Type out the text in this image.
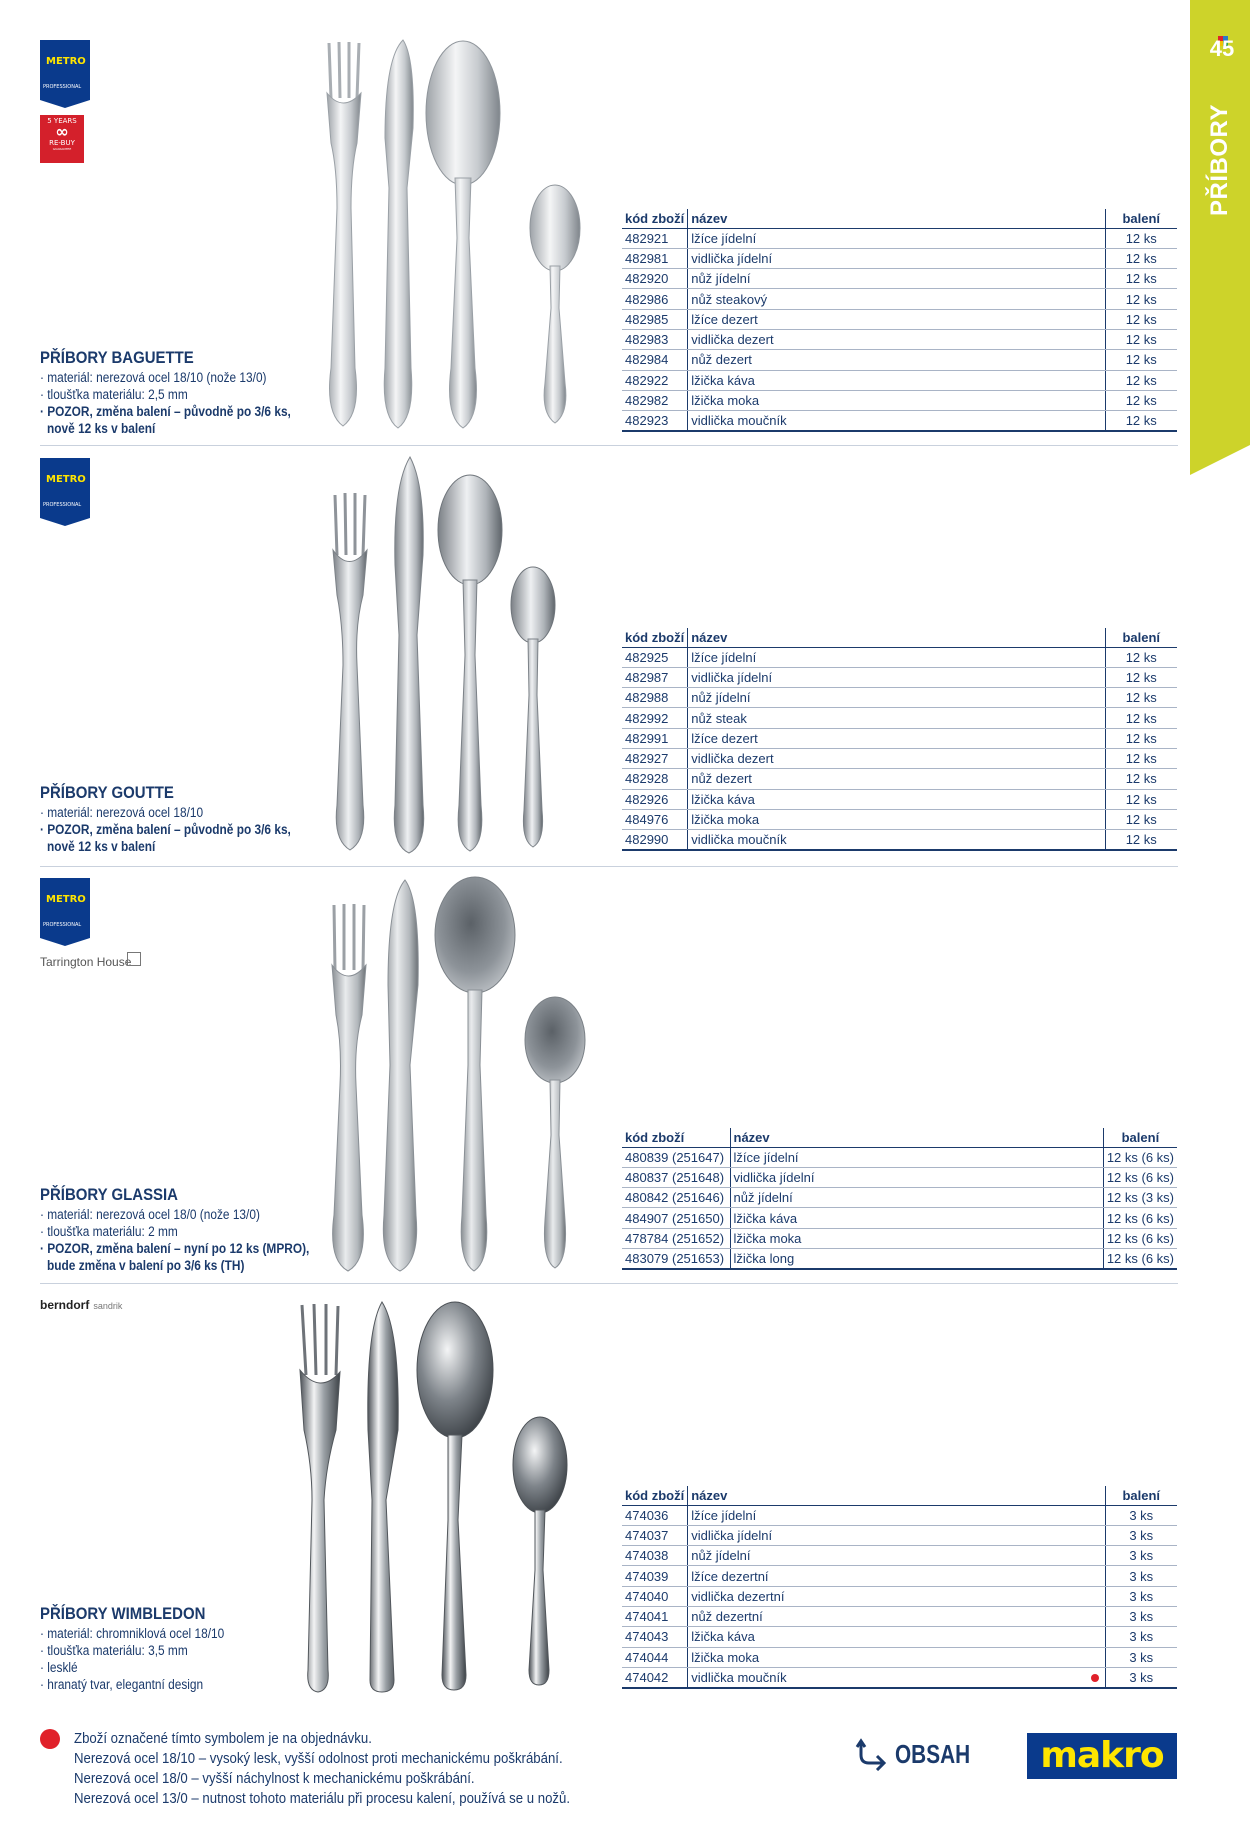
45
PŘÍBORY
METRO
PROFESSIONAL
5 YEARS
∞
RE-BUY
GUARANTEE
PŘÍBORY BAGUETTE
· materiál: nerezová ocel 18/10 (nože 13/0)
· tloušťka materiálu: 2,5 mm
· POZOR, změna balení – původně po 3/6 ks,
nově 12 ks v balení
kód zboží	název	balení
482921	lžíce jídelní	12 ks
482981	vidlička jídelní	12 ks
482920	nůž jídelní	12 ks
482986	nůž steakový	12 ks
482985	lžíce dezert	12 ks
482983	vidlička dezert	12 ks
482984	nůž dezert	12 ks
482922	lžička káva	12 ks
482982	lžička moka	12 ks
482923	vidlička moučník	12 ks
METRO
PROFESSIONAL
PŘÍBORY GOUTTE
· materiál: nerezová ocel 18/10
· POZOR, změna balení – původně po 3/6 ks,
nově 12 ks v balení
kód zboží	název	balení
482925	lžíce jídelní	12 ks
482987	vidlička jídelní	12 ks
482988	nůž jídelní	12 ks
482992	nůž steak	12 ks
482991	lžíce dezert	12 ks
482927	vidlička dezert	12 ks
482928	nůž dezert	12 ks
482926	lžička káva	12 ks
484976	lžička moka	12 ks
482990	vidlička moučník	12 ks
METRO
PROFESSIONAL
Tarrington House
PŘÍBORY GLASSIA
· materiál: nerezová ocel 18/0 (nože 13/0)
· tloušťka materiálu: 2 mm
· POZOR, změna balení – nyní po 12 ks (MPRO),
bude změna v balení po 3/6 ks (TH)
kód zboží	název	balení
480839 (251647)	lžíce jídelní	12 ks (6 ks)
480837 (251648)	vidlička jídelní	12 ks (6 ks)
480842 (251646)	nůž jídelní	12 ks (3 ks)
484907 (251650)	lžička káva	12 ks (6 ks)
478784 (251652)	lžička moka	12 ks (6 ks)
483079 (251653)	lžička long	12 ks (6 ks)
berndorf sandrik
PŘÍBORY WIMBLEDON
· materiál: chromniklová ocel 18/10
· tloušťka materiálu: 3,5 mm
· lesklé
· hranatý tvar, elegantní design
kód zboží	název	balení
474036	lžíce jídelní	3 ks
474037	vidlička jídelní	3 ks
474038	nůž jídelní	3 ks
474039	lžíce dezertní	3 ks
474040	vidlička dezertní	3 ks
474041	nůž dezertní	3 ks
474043	lžička káva	3 ks
474044	lžička moka	3 ks
474042	vidlička moučník	3 ks
Zboží označené tímto symbolem je na objednávku.
Nerezová ocel 18/10 – vysoký lesk, vyšší odolnost proti mechanickému poškrábání.
Nerezová ocel 18/0 – vyšší náchylnost k mechanickému poškrábání.
Nerezová ocel 13/0 – nutnost tohoto materiálu při procesu kalení, používá se u nožů.
OBSAH	makro
